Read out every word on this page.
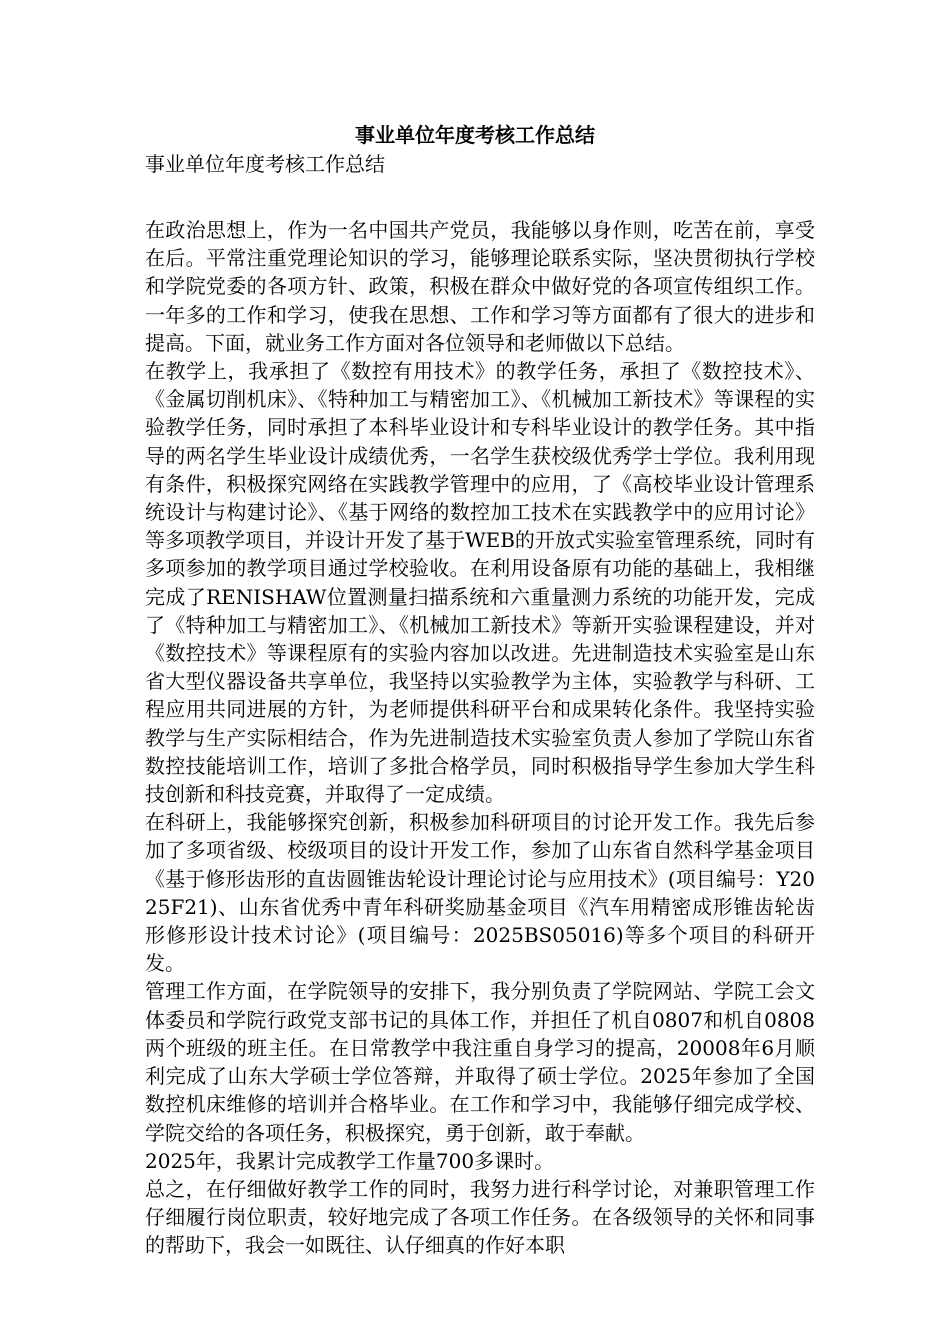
事业单位年度考核工作总结

事业单位年度考核工作总结

在政治思想上，作为一名中国共产党员，我能够以身作则，吃苦在前，享受在后。平常注重党理论知识的学习，能够理论联系实际，坚决贯彻执行学校和学院党委的各项方针、政策，积极在群众中做好党的各项宣传组织工作。一年多的工作和学习，使我在思想、工作和学习等方面都有了很大的进步和提高。下面，就业务工作方面对各位领导和老师做以下总结。

在教学上，我承担了《数控有用技术》的教学任务，承担了《数控技术》、《金属切削机床》、《特种加工与精密加工》、《机械加工新技术》等课程的实验教学任务，同时承担了本科毕业设计和专科毕业设计的教学任务。其中指导的两名学生毕业设计成绩优秀，一名学生获校级优秀学士学位。我利用现有条件，积极探究网络在实践教学管理中的应用，了《高校毕业设计管理系统设计与构建讨论》、《基于网络的数控加工技术在实践教学中的应用讨论》等多项教学项目，并设计开发了基于WEB的开放式实验室管理系统，同时有多项参加的教学项目通过学校验收。在利用设备原有功能的基础上，我相继完成了RENISHAW位置测量扫描系统和六重量测力系统的功能开发，完成了《特种加工与精密加工》、《机械加工新技术》等新开实验课程建设，并对《数控技术》等课程原有的实验内容加以改进。先进制造技术实验室是山东省大型仪器设备共享单位，我坚持以实验教学为主体，实验教学与科研、工程应用共同进展的方针，为老师提供科研平台和成果转化条件。我坚持实验教学与生产实际相结合，作为先进制造技术实验室负责人参加了学院山东省数控技能培训工作，培训了多批合格学员，同时积极指导学生参加大学生科技创新和科技竞赛，并取得了一定成绩。

在科研上，我能够探究创新，积极参加科研项目的讨论开发工作。我先后参加了多项省级、校级项目的设计开发工作，参加了山东省自然科学基金项目《基于修形齿形的直齿圆锥齿轮设计理论讨论与应用技术》(项目编号：Y2025F21)、山东省优秀中青年科研奖励基金项目《汽车用精密成形锥齿轮齿形修形设计技术讨论》(项目编号：2025BS05016)等多个项目的科研开发。

管理工作方面，在学院领导的安排下，我分别负责了学院网站、学院工会文体委员和学院行政党支部书记的具体工作，并担任了机自0807和机自0808两个班级的班主任。在日常教学中我注重自身学习的提高，20008年6月顺利完成了山东大学硕士学位答辩，并取得了硕士学位。2025年参加了全国数控机床维修的培训并合格毕业。在工作和学习中，我能够仔细完成学校、学院交给的各项任务，积极探究，勇于创新，敢于奉献。

2025年，我累计完成教学工作量700多课时。

总之，在仔细做好教学工作的同时，我努力进行科学讨论，对兼职管理工作仔细履行岗位职责，较好地完成了各项工作任务。在各级领导的关怀和同事的帮助下，我会一如既往、认仔细真的作好本职
